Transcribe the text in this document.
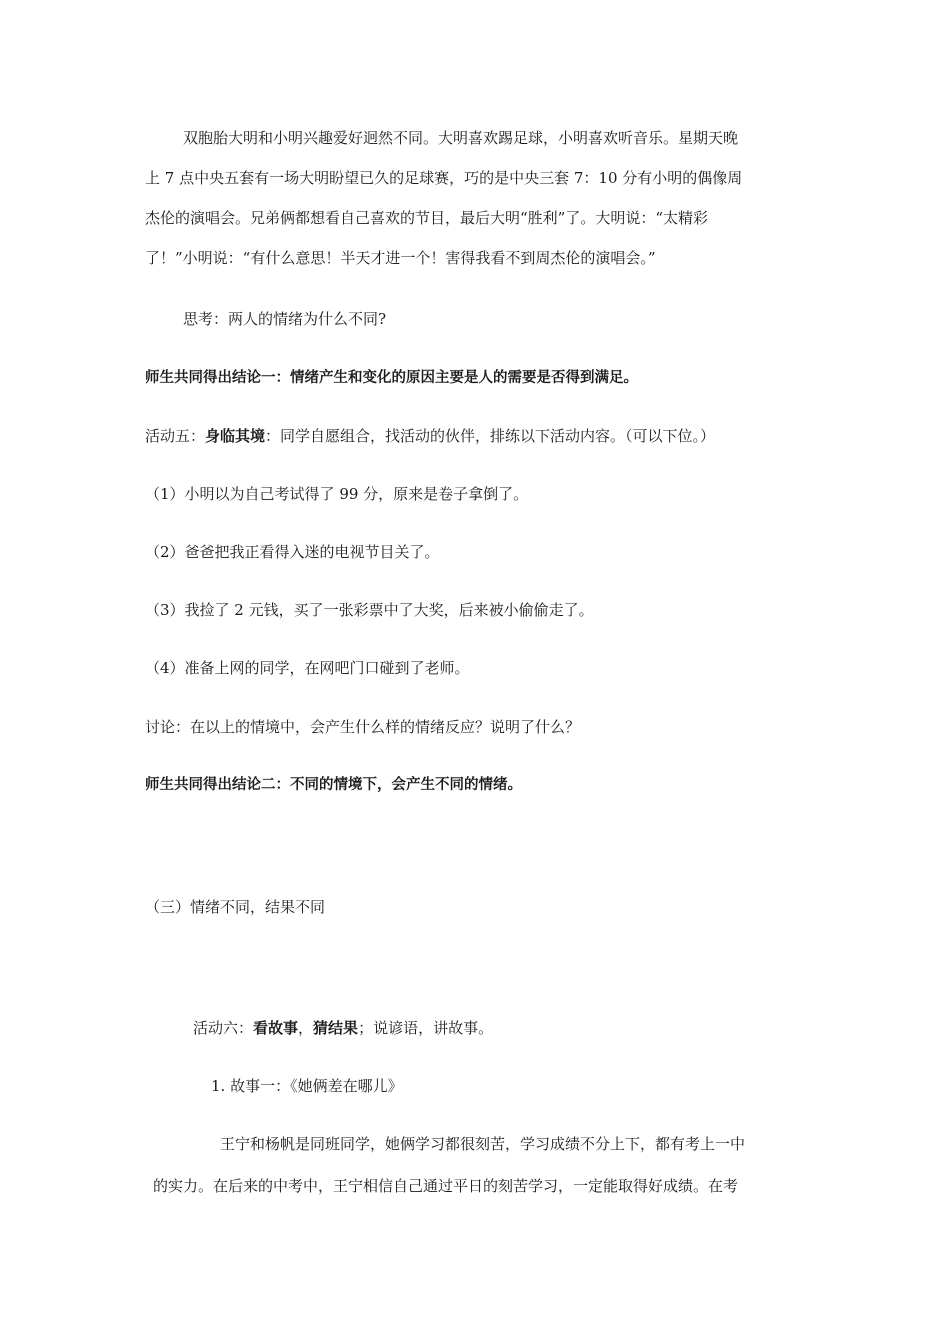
双胞胎大明和小明兴趣爱好迥然不同。大明喜欢踢足球，小明喜欢听音乐。星期天晚
上 7 点中央五套有一场大明盼望已久的足球赛，巧的是中央三套 7：10 分有小明的偶像周
杰伦的演唱会。兄弟俩都想看自己喜欢的节目，最后大明“胜利”了。大明说：“太精彩
了！”小明说：“有什么意思！半天才进一个！害得我看不到周杰伦的演唱会。”
思考：两人的情绪为什么不同?
师生共同得出结论一：情绪产生和变化的原因主要是人的需要是否得到满足。
活动五：身临其境：同学自愿组合，找活动的伙伴，排练以下活动内容。（可以下位。）
（1）小明以为自己考试得了 99 分，原来是卷子拿倒了。
（2）爸爸把我正看得入迷的电视节目关了。
（3）我捡了 2 元钱，买了一张彩票中了大奖，后来被小偷偷走了。
（4）准备上网的同学，在网吧门口碰到了老师。
讨论：在以上的情境中，会产生什么样的情绪反应？说明了什么？
师生共同得出结论二：不同的情境下，会产生不同的情绪。
（三）情绪不同，结果不同
活动六：看故事，猜结果；说谚语，讲故事。
1. 故事一：《她俩差在哪儿》
王宁和杨帆是同班同学，她俩学习都很刻苦，学习成绩不分上下，都有考上一中
的实力。在后来的中考中，王宁相信自己通过平日的刻苦学习，一定能取得好成绩。在考
